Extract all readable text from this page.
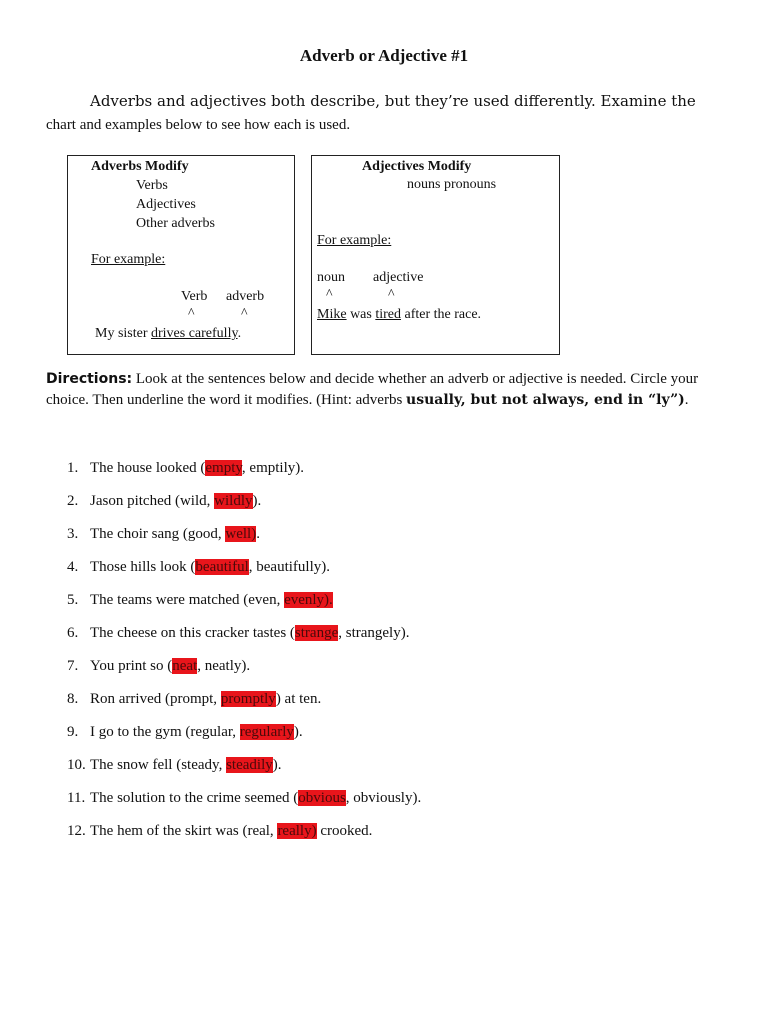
Adverb or Adjective #1
Adverbs and adjectives both describe, but they’re used differently. Examine the
chart and examples below to see how each is used.
Adverbs Modify
Verbs
Adjectives
Other adverbs
For example:
Verb adverb
^	^
My sister drives carefully.
Adjectives Modify
nouns pronouns
For example:
noun adjective
^	^
Mike was tired after the race.
Directions: Look at the sentences below and decide whether an adverb or adjective is needed. Circle your choice. Then underline the word it modifies. (Hint: adverbs usually, but not always, end in “ly”).
1. The house looked (empty, emptily).
2. Jason pitched (wild, wildly).
3. The choir sang (good, well).
4. Those hills look (beautiful, beautifully).
5. The teams were matched (even, evenly).
6. The cheese on this cracker tastes (strange, strangely).
7. You print so (neat, neatly).
8. Ron arrived (prompt, promptly) at ten.
9. I go to the gym (regular, regularly).
10. The snow fell (steady, steadily).
11. The solution to the crime seemed (obvious, obviously).
12. The hem of the skirt was (real, really) crooked.
